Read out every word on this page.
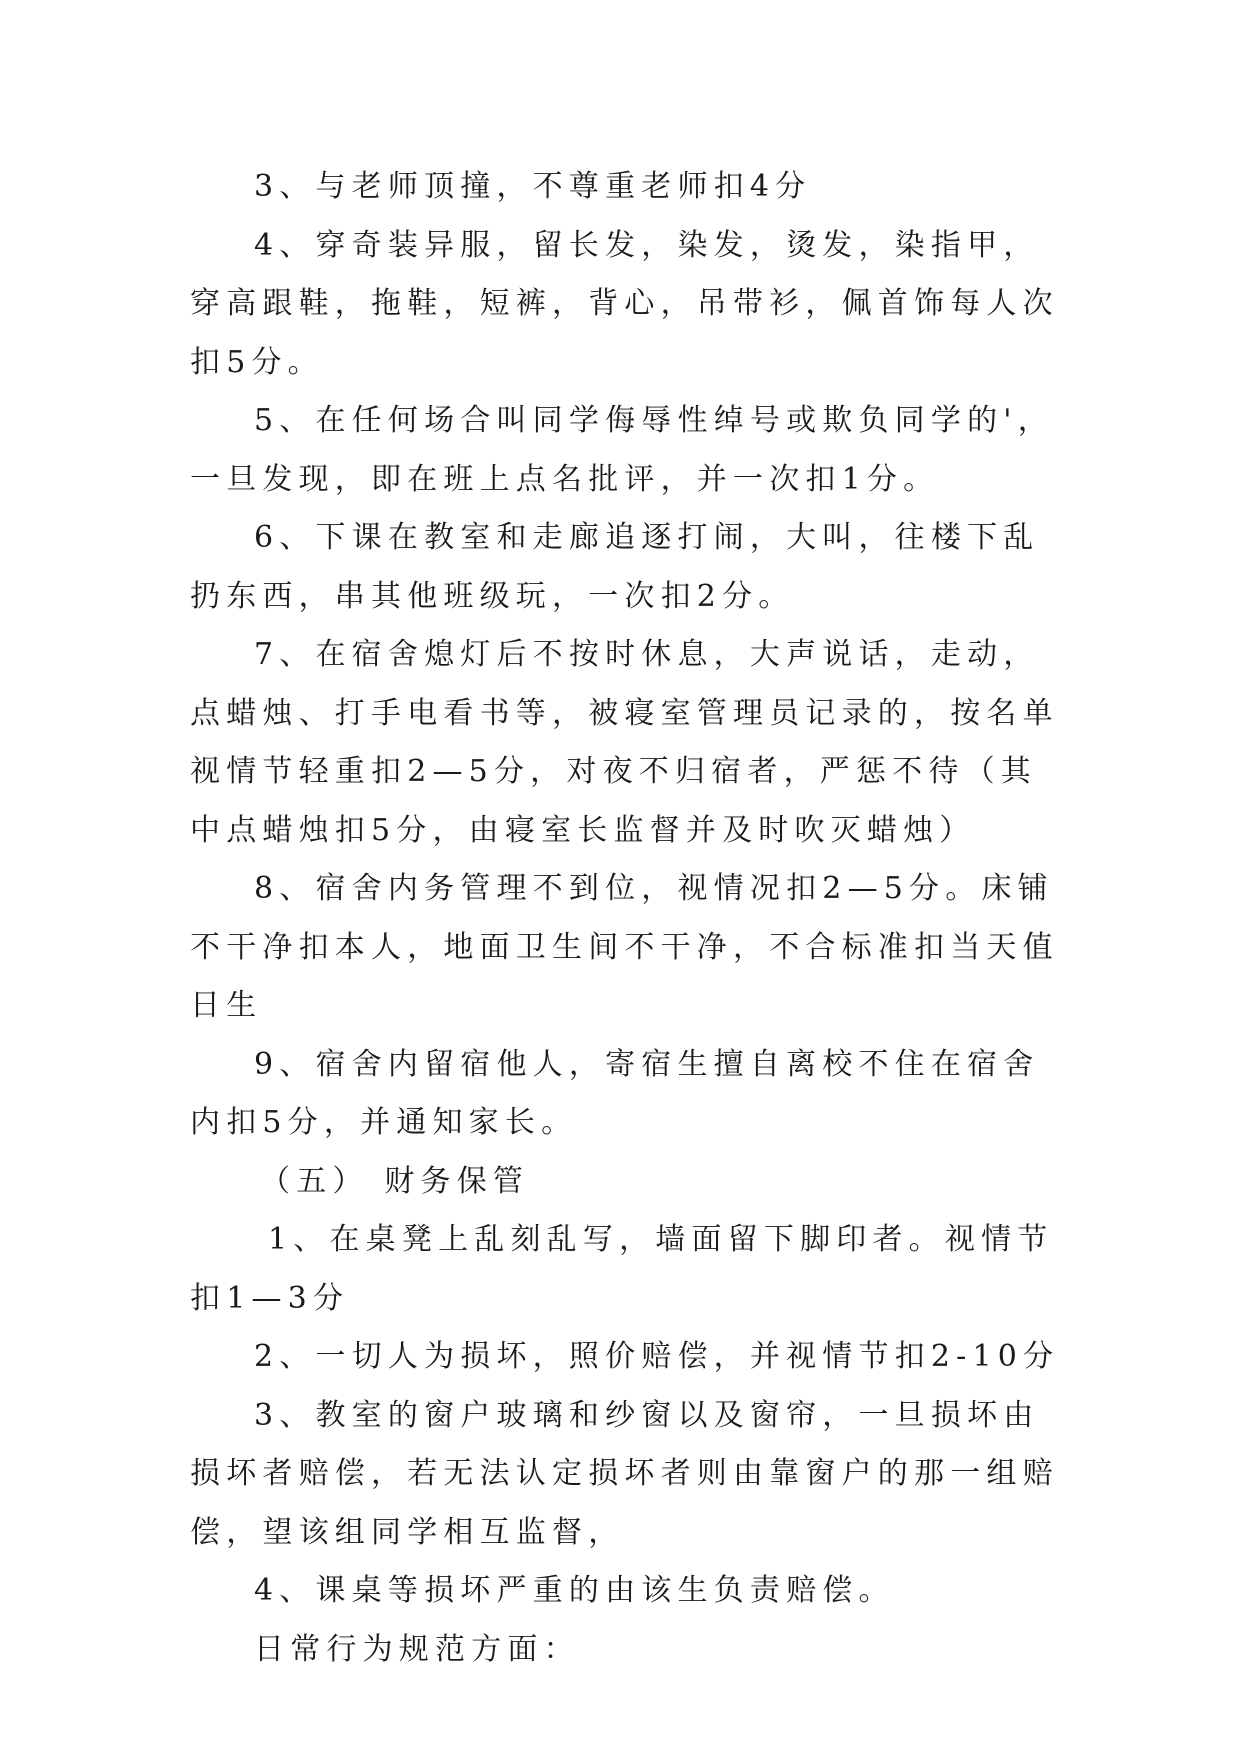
3、与老师顶撞，不尊重老师扣4分

4、穿奇装异服，留长发，染发，烫发，染指甲，穿高跟鞋，拖鞋，短裤，背心，吊带衫，佩首饰每人次扣5分。

5、在任何场合叫同学侮辱性绰号或欺负同学的'，一旦发现，即在班上点名批评，并一次扣1分。

6、下课在教室和走廊追逐打闹，大叫，往楼下乱扔东西，串其他班级玩，一次扣2分。

7、在宿舍熄灯后不按时休息，大声说话，走动，点蜡烛、打手电看书等，被寝室管理员记录的，按名单视情节轻重扣2—5分，对夜不归宿者，严惩不待（其中点蜡烛扣5分，由寝室长监督并及时吹灭蜡烛）

8、宿舍内务管理不到位，视情况扣2—5分。床铺不干净扣本人，地面卫生间不干净，不合标准扣当天值日生

9、宿舍内留宿他人，寄宿生擅自离校不住在宿舍内扣5分，并通知家长。

（五） 财务保管

1、在桌凳上乱刻乱写，墙面留下脚印者。视情节扣1—3分

2、一切人为损坏，照价赔偿，并视情节扣2-10分

3、教室的窗户玻璃和纱窗以及窗帘，一旦损坏由损坏者赔偿，若无法认定损坏者则由靠窗户的那一组赔偿，望该组同学相互监督，

4、课桌等损坏严重的由该生负责赔偿。

日常行为规范方面：
